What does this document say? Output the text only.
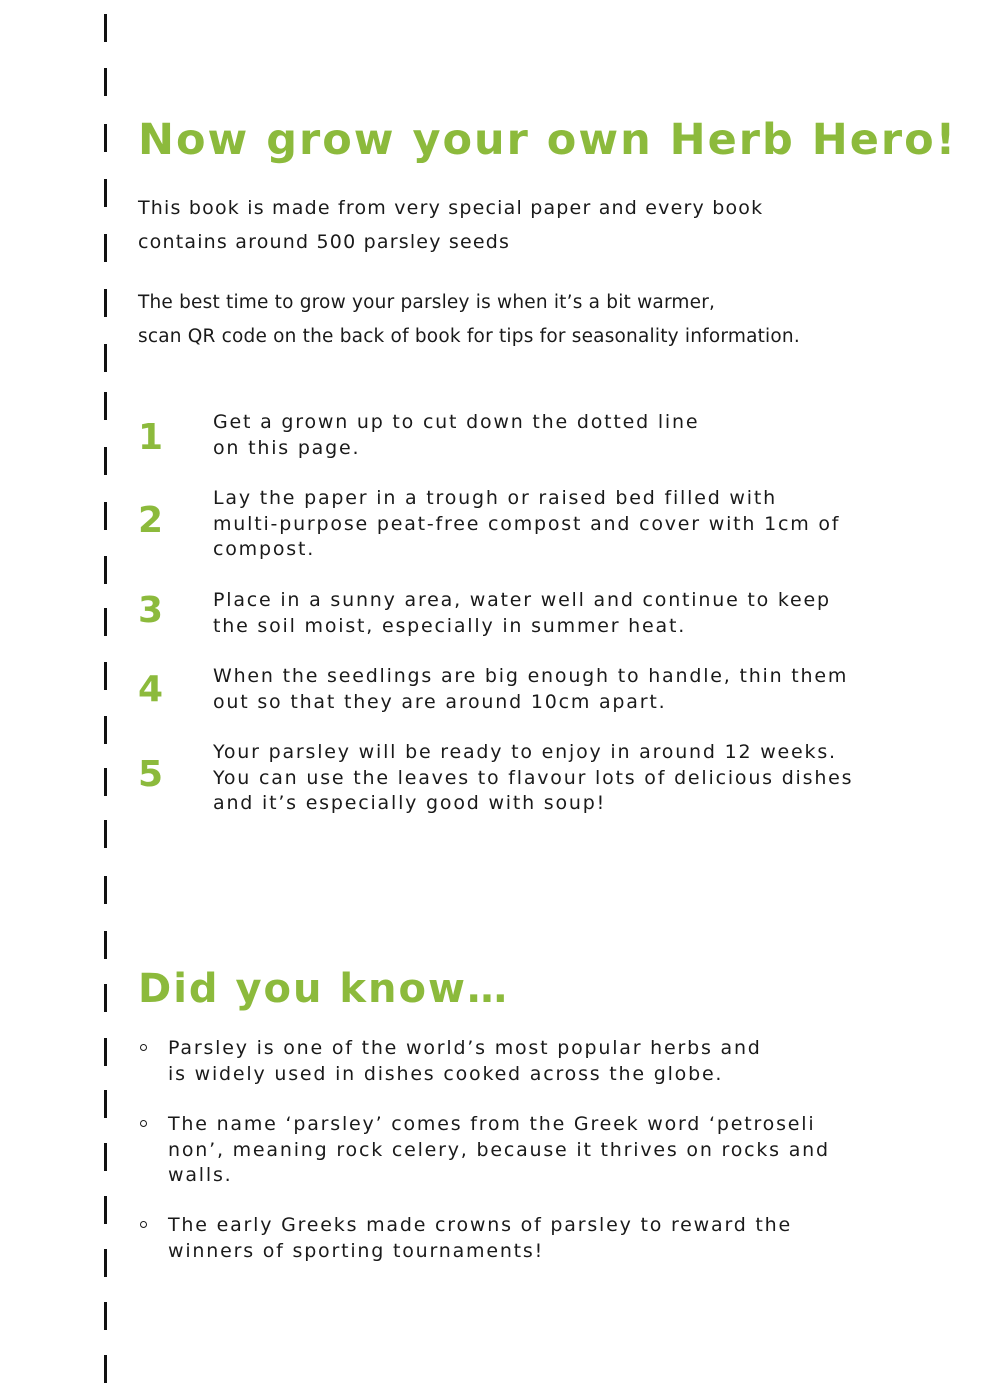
Now grow your own Herb Hero!

This book is made from very special paper and every book
contains around 500 parsley seeds

The best time to grow your parsley is when it’s a bit warmer,
scan QR code on the back of book for tips for seasonality information.

1	Get a grown up to cut down the dotted line
on this page.

2

Lay the paper in a trough or raised bed filled with
multi-purpose peat-free compost and cover with 1cm of
compost.

3	Place in a sunny area, water well and continue to keep
the soil moist, especially in summer heat.

4	When the seedlings are big enough to handle, thin them
out so that they are around 10cm apart.

5

Your parsley will be ready to enjoy in around 12 weeks.
You can use the leaves to flavour lots of delicious dishes
and it’s especially good with soup!

Did you know…

Parsley is one of the world’s most popular herbs and
is widely used in dishes cooked across the globe.

The name ‘parsley’ comes from the Greek word ‘petroseli
non’, meaning rock celery, because it thrives on rocks and
walls.

The early Greeks made crowns of parsley to reward the
winners of sporting tournaments!
